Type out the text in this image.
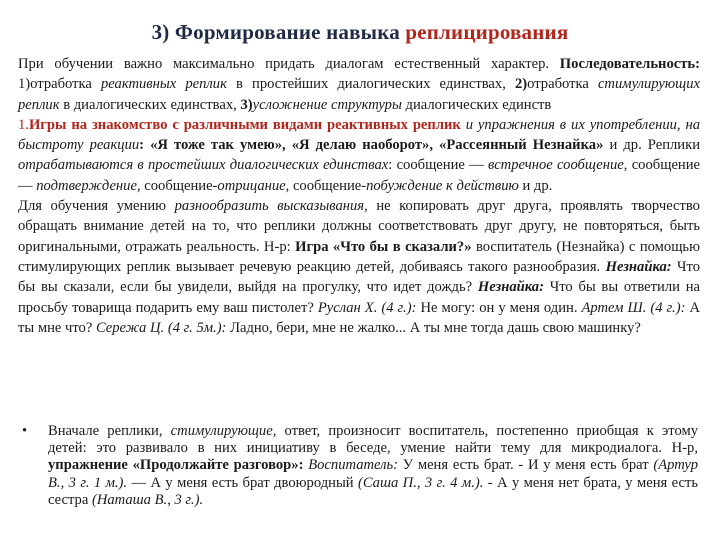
3) Формирование навыка реплицирования

При обучении важно максимально придать диалогам естественный характер. Последовательность: 1)отработка реактивных реплик в простейших диалогических единствах, 2)отработка стимулирующих реплик в диалогических единствах, 3)усложнение структуры диалогических единств

1.Игры на знакомство с различными видами реактивных реплик и упражнения в их употреблении, на быстроту реакции: «Я тоже так умею», «Я делаю наоборот», «Рассеянный Незнайка» и др. Реплики отрабатываются в простейших диалогических единствах: сообщение — встречное сообщение, сообщение — подтверждение, сообщение-отрицание, сообщение-побуждение к действию и др.

Для обучения умению разнообразить высказывания, не копировать друг друга, проявлять творчество обращать внимание детей на то, что реплики должны соответствовать друг другу, не повторяться, быть оригинальными, отражать реальность. Н-р: Игра «Что бы в сказали?» воспитатель (Незнайка) с помощью стимулирующих реплик вызывает речевую реакцию детей, добиваясь такого разнообразия. Незнайка: Что бы вы сказали, если бы увидели, выйдя на прогулку, что идет дождь? Незнайка: Что бы вы ответили на просьбу товарища подарить ему ваш пистолет? Руслан Х. (4 г.): Не могу: он у меня один. Артем Ш. (4 г.): А ты мне что? Сережа Ц. (4 г. 5м.): Ладно, бери, мне не жалко... А ты мне тогда дашь свою машинку?

• Вначале реплики, стимулирующие, ответ, произносит воспитатель, постепенно приобщая к этому детей: это развивало в них инициативу в беседе, умение найти тему для микродиалога. Н-р, упражнение «Продолжайте разговор»: Воспитатель: У меня есть брат. - И у меня есть брат (Артур В., 3 г. 1 м.). — А у меня есть брат двоюродный (Саша П., 3 г. 4 м.). - А у меня нет брата, у меня есть сестра (Наташа В., 3 г.).
